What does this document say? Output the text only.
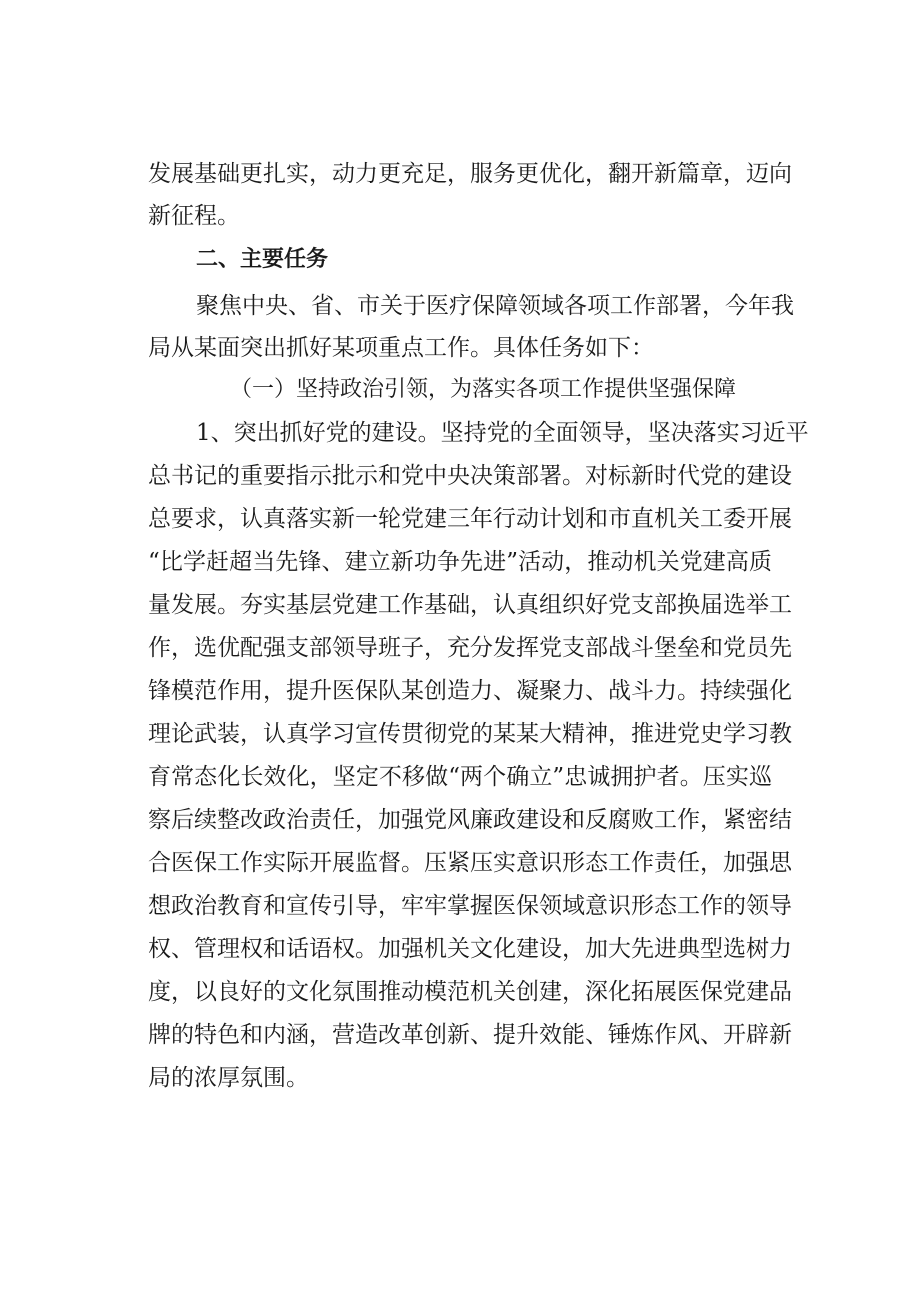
发展基础更扎实，动力更充足，服务更优化，翻开新篇章，迈向
新征程。
二、主要任务
聚焦中央、省、市关于医疗保障领域各项工作部署，今年我
局从某面突出抓好某项重点工作。具体任务如下：
（一）坚持政治引领，为落实各项工作提供坚强保障
1、突出抓好党的建设。坚持党的全面领导，坚决落实习近平
总书记的重要指示批示和党中央决策部署。对标新时代党的建设
总要求，认真落实新一轮党建三年行动计划和市直机关工委开展
“比学赶超当先锋、建立新功争先进”活动，推动机关党建高质
量发展。夯实基层党建工作基础，认真组织好党支部换届选举工
作，选优配强支部领导班子，充分发挥党支部战斗堡垒和党员先
锋模范作用，提升医保队某创造力、凝聚力、战斗力。持续强化
理论武装，认真学习宣传贯彻党的某某大精神，推进党史学习教
育常态化长效化，坚定不移做“两个确立”忠诚拥护者。压实巡
察后续整改政治责任，加强党风廉政建设和反腐败工作，紧密结
合医保工作实际开展监督。压紧压实意识形态工作责任，加强思
想政治教育和宣传引导，牢牢掌握医保领域意识形态工作的领导
权、管理权和话语权。加强机关文化建设，加大先进典型选树力
度，以良好的文化氛围推动模范机关创建，深化拓展医保党建品
牌的特色和内涵，营造改革创新、提升效能、锤炼作风、开辟新
局的浓厚氛围。
